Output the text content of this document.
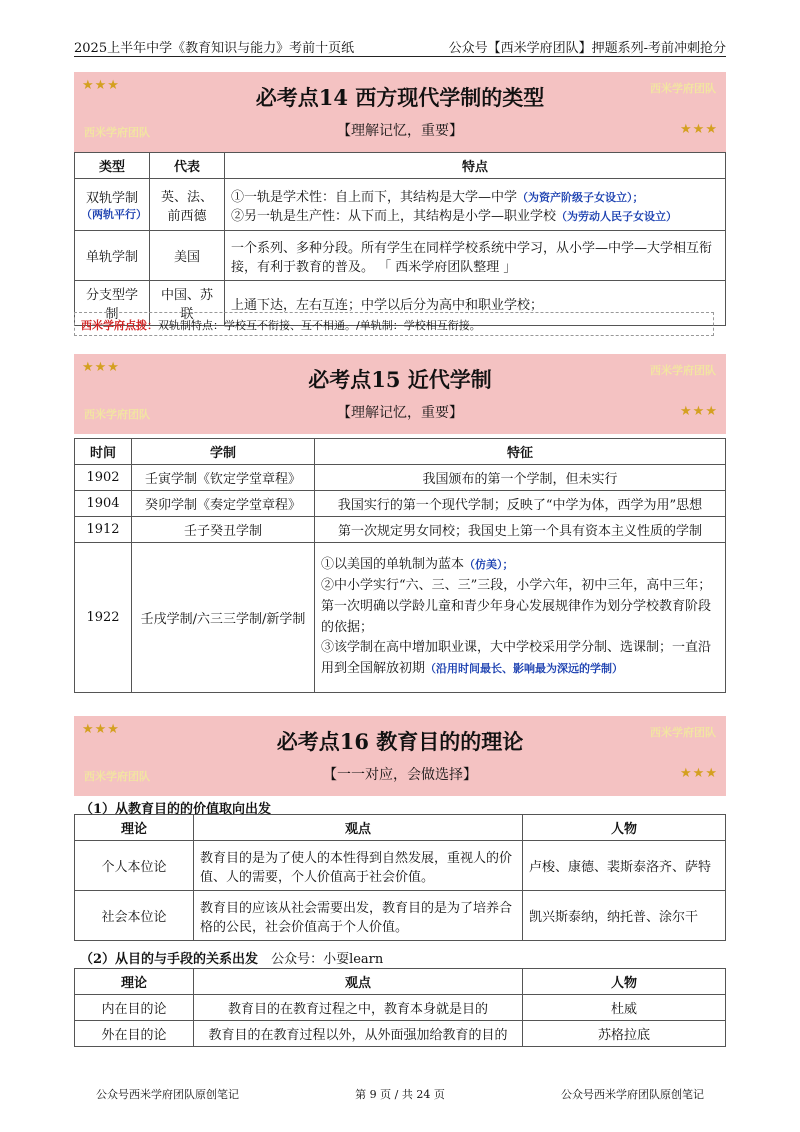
2025上半年中学《教育知识与能力》考前十页纸	公众号【西米学府团队】押题系列-考前冲刺抢分
★★★	西米学府团队
西米学府团队	★★★
必考点14 西方现代学制的类型
【理解记忆，重要】
类型	代表	特点
双轨学制
（两轨平行）	英、法、前西德	①一轨是学术性：自上而下，其结构是大学—中学（为资产阶级子女设立）；
②另一轨是生产性：从下而上，其结构是小学—职业学校（为劳动人民子女设立）
单轨学制	美国	一个系列、多种分段。所有学生在同样学校系统中学习，从小学—中学—大学相互衔接，有利于教育的普及。 「 西米学府团队整理 」
分支型学制	中国、苏联	上通下达，左右互连；中学以后分为高中和职业学校；
西米学府点拨：双轨制特点：学校互不衔接、互不相通。/单轨制：学校相互衔接。
★★★	西米学府团队
西米学府团队	★★★
必考点15 近代学制
【理解记忆，重要】
时间	学制	特征
1902	壬寅学制《钦定学堂章程》	我国颁布的第一个学制，但未实行
1904	癸卯学制《奏定学堂章程》	我国实行的第一个现代学制；反映了“中学为体，西学为用”思想
1912	壬子癸丑学制	第一次规定男女同校；我国史上第一个具有资本主义性质的学制
1922	壬戌学制/六三三学制/新学制	①以美国的单轨制为蓝本（仿美）；
②中小学实行“六、三、三”三段，小学六年，初中三年，高中三年；第一次明确以学龄儿童和青少年身心发展规律作为划分学校教育阶段的依据；
③该学制在高中增加职业课，大中学校采用学分制、选课制；一直沿用到全国解放初期（沿用时间最长、影响最为深远的学制）
★★★	西米学府团队
西米学府团队	★★★
必考点16 教育目的的理论
【一一对应，会做选择】
（1）从教育目的的价值取向出发
理论	观点	人物
个人本位论	教育目的是为了使人的本性得到自然发展，重视人的价值、人的需要，个人价值高于社会价值。	卢梭、康德、裴斯泰洛齐、萨特
社会本位论	教育目的应该从社会需要出发，教育目的是为了培养合格的公民，社会价值高于个人价值。	凯兴斯泰纳，纳托普、涂尔干
（2）从目的与手段的关系出发　 公众号：小耍learn
理论	观点	人物
内在目的论	教育目的在教育过程之中，教育本身就是目的	杜威
外在目的论	教育目的在教育过程以外，从外面强加给教育的目的	苏格拉底
公众号西米学府团队原创笔记	第 9 页 / 共 24 页	公众号西米学府团队原创笔记
